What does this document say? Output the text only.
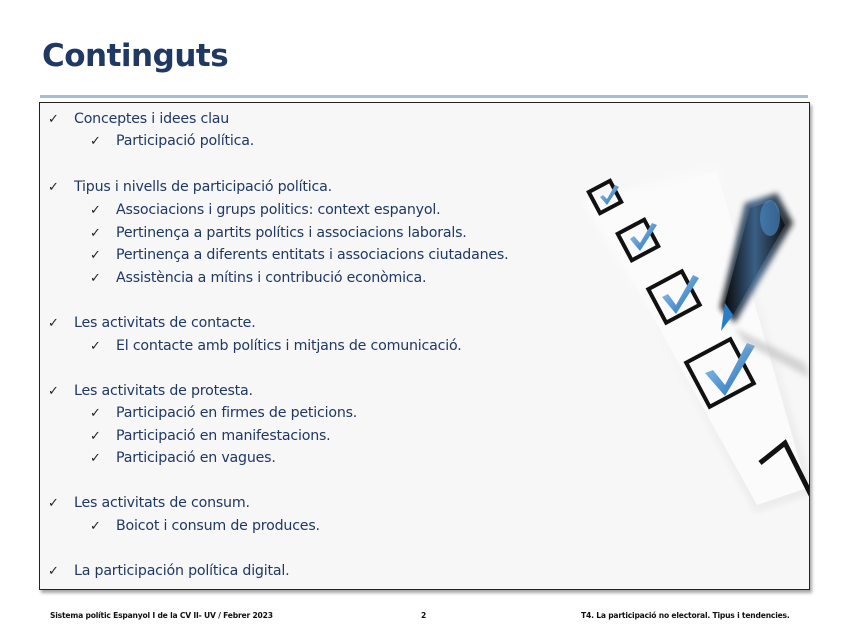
Continguts
✓ Conceptes i idees clau
✓ Participació política.
✓ Tipus i nivells de participació política.
✓ Associacions i grups politics: context espanyol.
✓ Pertinença a partits polítics i associacions laborals.
✓ Pertinença a diferents entitats i associacions ciutadanes.
✓ Assistència a mítins i contribució econòmica.
✓ Les activitats de contacte.
✓ El contacte amb polítics i mitjans de comunicació.
✓ Les activitats de protesta.
✓ Participació en firmes de peticions.
✓ Participació en manifestacions.
✓ Participació en vagues.
✓ Les activitats de consum.
✓ Boicot i consum de produces.
✓ La participación política digital.
Sistema polític Espanyol I de la CV II- UV / Febrer 2023	2	T4. La participació no electoral. Tipus i tendencies.
